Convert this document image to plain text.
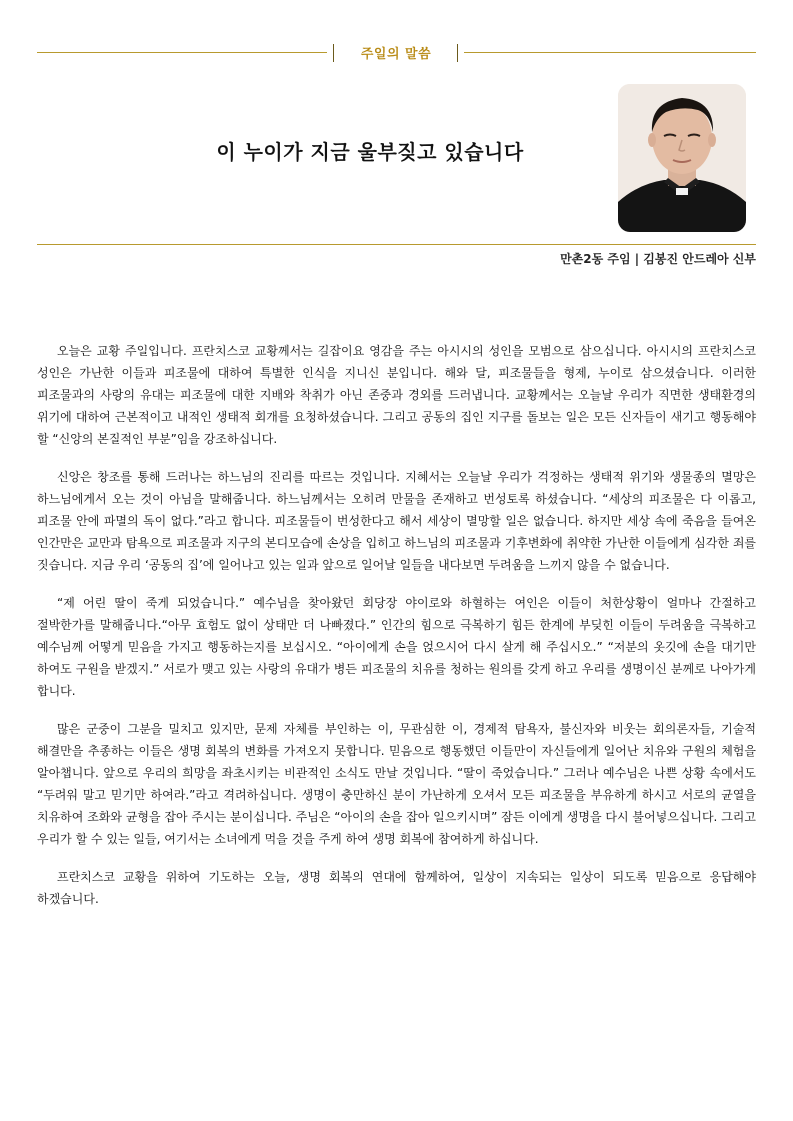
주일의 말씀
이 누이가 지금 울부짖고 있습니다
만촌2동 주임 | 김봉진 안드레아 신부

오늘은 교황 주일입니다. 프란치스코 교황께서는 길잡이요 영감을 주는 아시시의 성인을 모범으로 삼으십니다. 아시시의 프란치스코 성인은 가난한 이들과 피조물에 대하여 특별한 인식을 지니신 분입니다. 해와 달, 피조물들을 형제, 누이로 삼으셨습니다. 이러한 피조물과의 사랑의 유대는 피조물에 대한 지배와 착취가 아닌 존중과 경외를 드러냅니다. 교황께서는 오늘날 우리가 직면한 생태환경의 위기에 대하여 근본적이고 내적인 생태적 회개를 요청하셨습니다. 그리고 공동의 집인 지구를 돌보는 일은 모든 신자들이 새기고 행동해야 할 “신앙의 본질적인 부분”임을 강조하십니다.

신앙은 창조를 통해 드러나는 하느님의 진리를 따르는 것입니다. 지혜서는 오늘날 우리가 걱정하는 생태적 위기와 생물종의 멸망은 하느님에게서 오는 것이 아님을 말해줍니다. 하느님께서는 오히려 만물을 존재하고 번성토록 하셨습니다. “세상의 피조물은 다 이롭고, 피조물 안에 파멸의 독이 없다.”라고 합니다. 피조물들이 번성한다고 해서 세상이 멸망할 일은 없습니다. 하지만 세상 속에 죽음을 들여온 인간만은 교만과 탐욕으로 피조물과 지구의 본디모습에 손상을 입히고 하느님의 피조물과 기후변화에 취약한 가난한 이들에게 심각한 죄를 짓습니다. 지금 우리 ‘공동의 집’에 일어나고 있는 일과 앞으로 일어날 일들을 내다보면 두려움을 느끼지 않을 수 없습니다.

“제 어린 딸이 죽게 되었습니다.” 예수님을 찾아왔던 회당장 야이로와 하혈하는 여인은 이들이 처한상황이 얼마나 간절하고 절박한가를 말해줍니다.“아무 효험도 없이 상태만 더 나빠졌다.” 인간의 힘으로 극복하기 힘든 한계에 부딪힌 이들이 두려움을 극복하고 예수님께 어떻게 믿음을 가지고 행동하는지를 보십시오. “아이에게 손을 얹으시어 다시 살게 해 주십시오.” “저분의 옷깃에 손을 대기만 하여도 구원을 받겠지.” 서로가 맺고 있는 사랑의 유대가 병든 피조물의 치유를 청하는 원의를 갖게 하고 우리를 생명이신 분께로 나아가게 합니다.

많은 군중이 그분을 밀치고 있지만, 문제 자체를 부인하는 이, 무관심한 이, 경제적 탐욕자, 불신자와 비웃는 회의론자들, 기술적 해결만을 추종하는 이들은 생명 회복의 변화를 가져오지 못합니다. 믿음으로 행동했던 이들만이 자신들에게 일어난 치유와 구원의 체험을 알아챕니다. 앞으로 우리의 희망을 좌초시키는 비관적인 소식도 만날 것입니다. “딸이 죽었습니다.” 그러나 예수님은 나쁜 상황 속에서도 “두려워 말고 믿기만 하여라.”라고 격려하십니다. 생명이 충만하신 분이 가난하게 오셔서 모든 피조물을 부유하게 하시고 서로의 균열을 치유하여 조화와 균형을 잡아 주시는 분이십니다. 주님은 “아이의 손을 잡아 일으키시며” 잠든 이에게 생명을 다시 불어넣으십니다. 그리고 우리가 할 수 있는 일들, 여기서는 소녀에게 먹을 것을 주게 하여 생명 회복에 참여하게 하십니다.

프란치스코 교황을 위하여 기도하는 오늘, 생명 회복의 연대에 함께하여, 일상이 지속되는 일상이 되도록 믿음으로 응답해야 하겠습니다.
